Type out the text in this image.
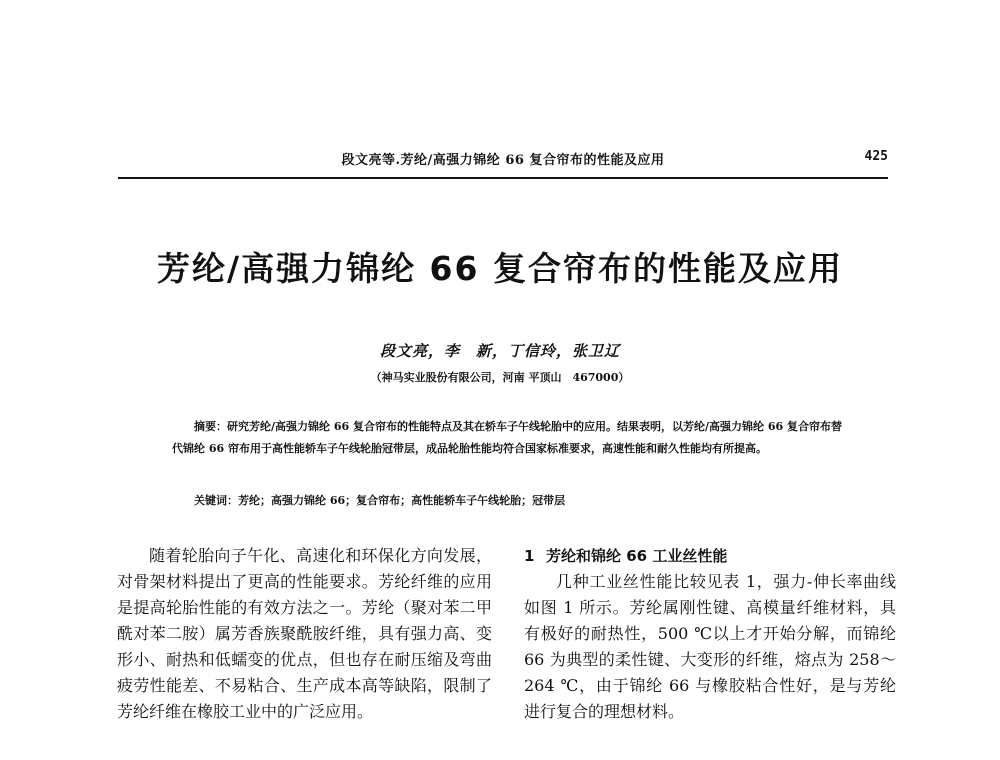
段文亮等.芳纶/高强力锦纶 66 复合帘布的性能及应用	425
芳纶/高强力锦纶 66 复合帘布的性能及应用
段文亮，李　新，丁信玲，张卫辽
（神马实业股份有限公司，河南 平顶山　467000）

摘要：研究芳纶/高强力锦纶 66 复合帘布的性能特点及其在轿车子午线轮胎中的应用。结果表明，以芳纶/高强力锦纶 66 复合帘布替代锦纶 66 帘布用于高性能轿车子午线轮胎冠带层，成品轮胎性能均符合国家标准要求，高速性能和耐久性能均有所提高。

关键词：芳纶；高强力锦纶 66；复合帘布；高性能轿车子午线轮胎；冠带层

随着轮胎向子午化、高速化和环保化方向发展，对骨架材料提出了更高的性能要求。芳纶纤维的应用是提高轮胎性能的有效方法之一。芳纶（聚对苯二甲酰对苯二胺）属芳香族聚酰胺纤维，具有强力高、变形小、耐热和低蠕变的优点，但也存在耐压缩及弯曲疲劳性能差、不易粘合、生产成本高等缺陷，限制了芳纶纤维在橡胶工业中的广泛应用。

1 芳纶和锦纶 66 工业丝性能

几种工业丝性能比较见表 1，强力-伸长率曲线如图 1 所示。芳纶属刚性键、高模量纤维材料，具有极好的耐热性，500 ℃以上才开始分解，而锦纶 66 为典型的柔性键、大变形的纤维，熔点为 258～264 ℃，由于锦纶 66 与橡胶粘合性好，是与芳纶进行复合的理想材料。
